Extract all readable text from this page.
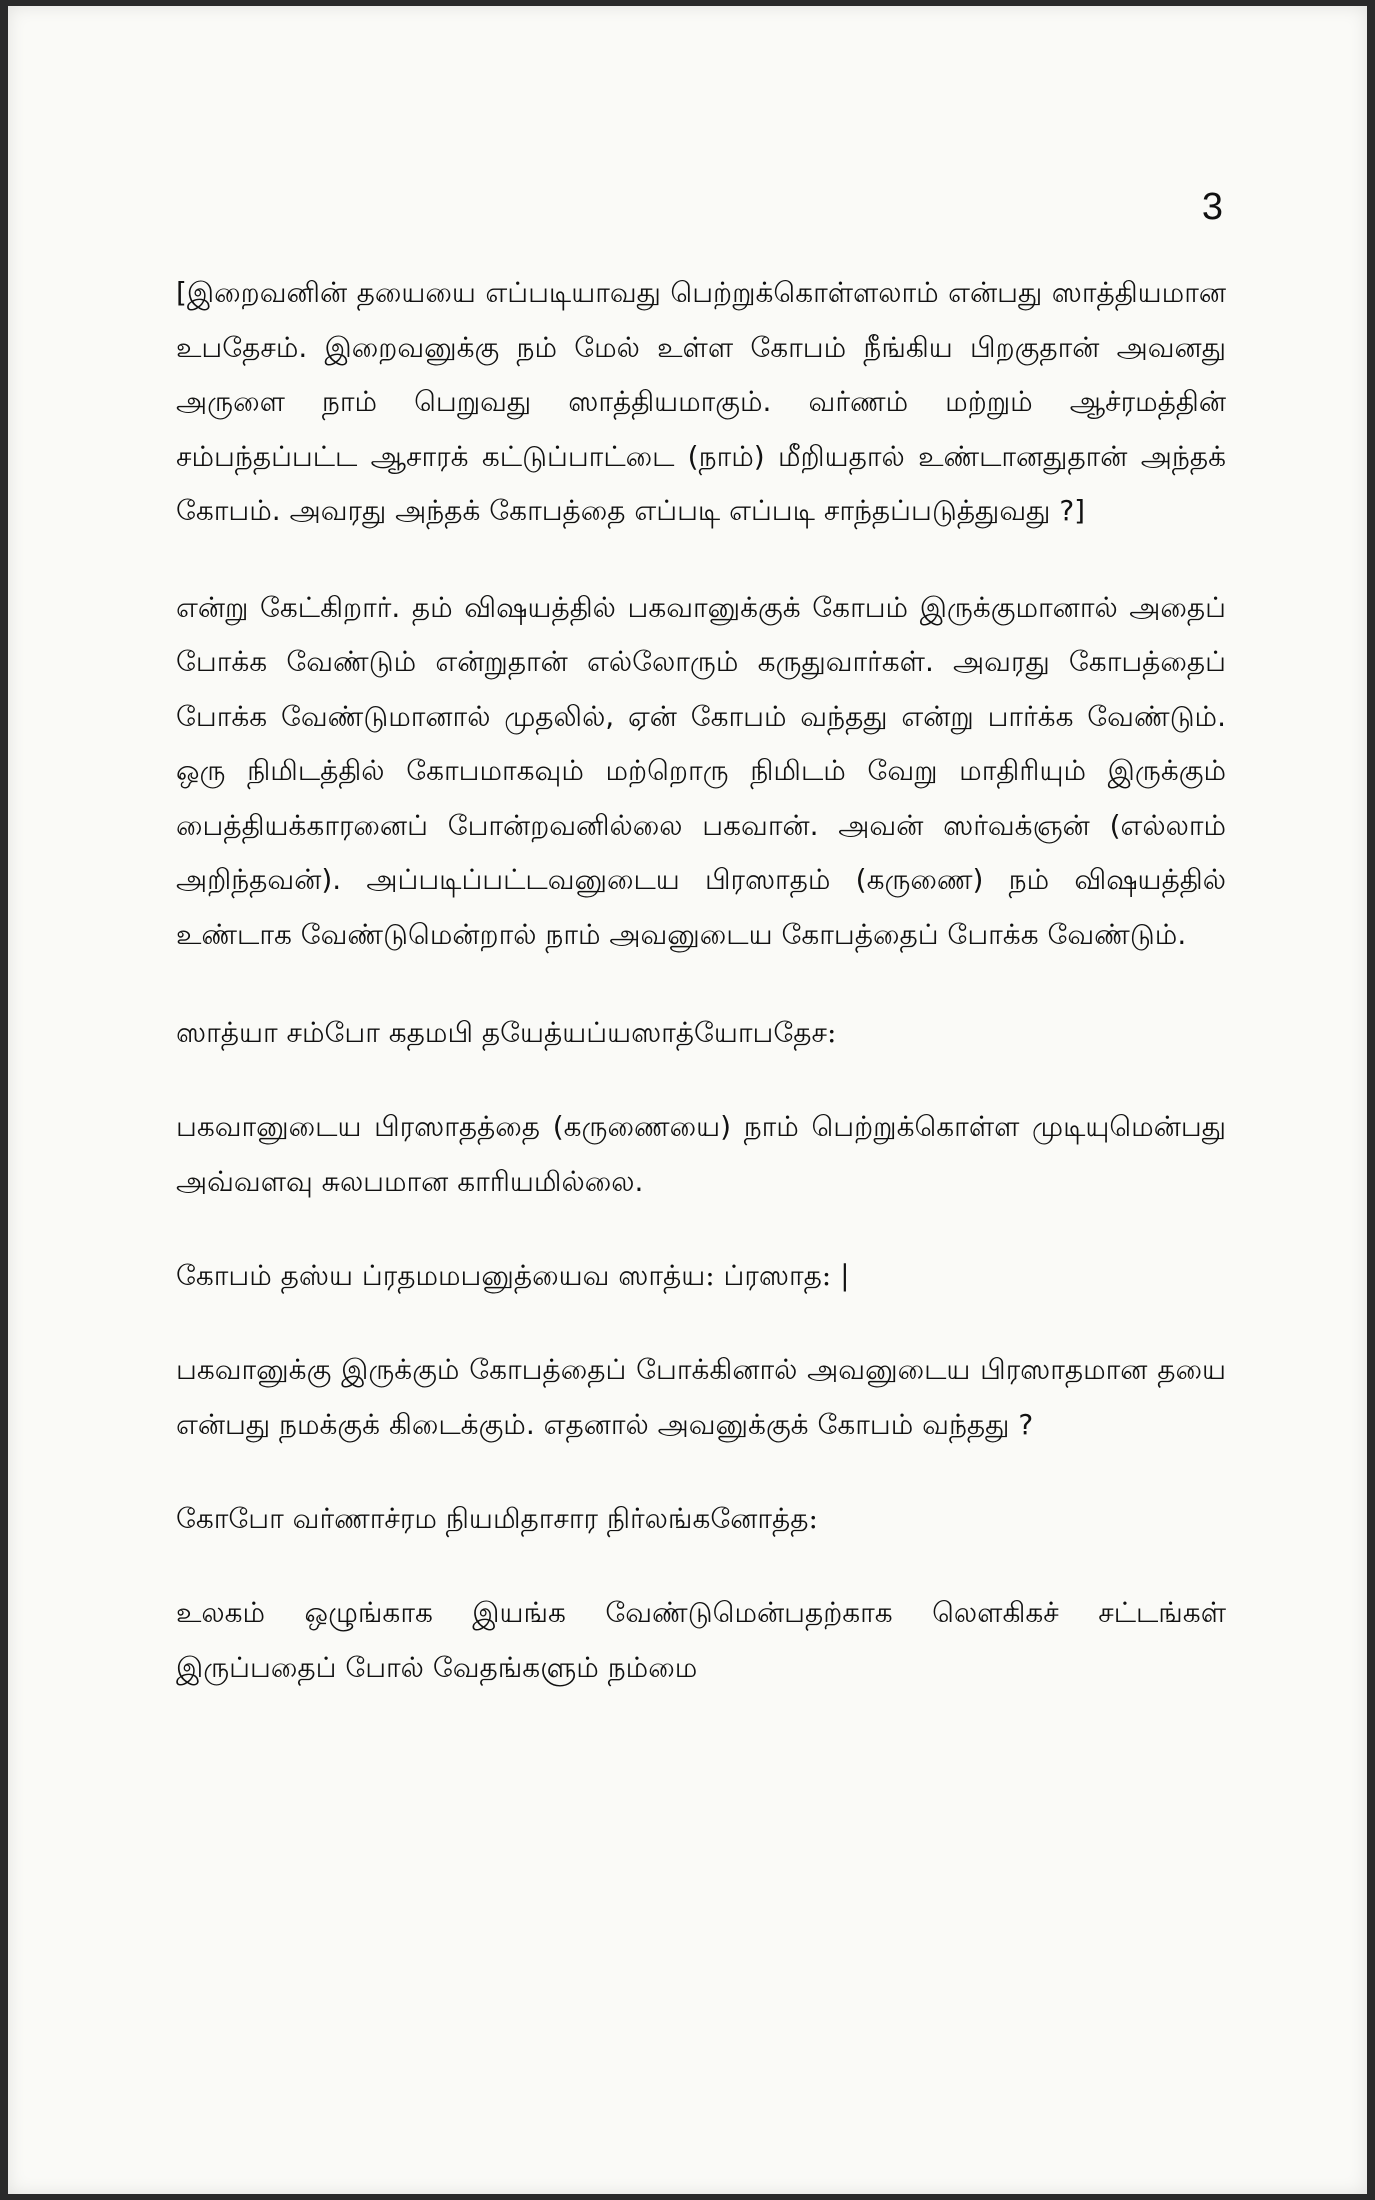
3

[இறைவனின் தயையை எப்படியாவது பெற்றுக்கொள்ளலாம் என்பது ஸாத்தியமான உபதேசம். இறைவனுக்கு நம் மேல் உள்ள கோபம் நீங்கிய பிறகுதான் அவனது அருளை நாம் பெறுவது ஸாத்தியமாகும். வர்ணம் மற்றும் ஆச்ரமத்தின் சம்பந்தப்பட்ட ஆசாரக் கட்டுப்பாட்டை (நாம்) மீறியதால் உண்டானதுதான் அந்தக் கோபம். அவரது அந்தக் கோபத்தை எப்படி எப்படி சாந்தப்படுத்துவது ?]

என்று கேட்கிறார். தம் விஷயத்தில் பகவானுக்குக் கோபம் இருக்குமானால் அதைப் போக்க வேண்டும் என்றுதான் எல்லோரும் கருதுவார்கள். அவரது கோபத்தைப் போக்க வேண்டுமானால் முதலில், ஏன் கோபம் வந்தது என்று பார்க்க வேண்டும். ஒரு நிமிடத்தில் கோபமாகவும் மற்றொரு நிமிடம் வேறு மாதிரியும் இருக்கும் பைத்தியக்காரனைப் போன்றவனில்லை பகவான். அவன் ஸர்வக்ஞன் (எல்லாம் அறிந்தவன்). அப்படிப்பட்டவனுடைய பிரஸாதம் (கருணை) நம் விஷயத்தில் உண்டாக வேண்டுமென்றால் நாம் அவனுடைய கோபத்தைப் போக்க வேண்டும்.

ஸாத்யா சம்போ கதமபி தயேத்யப்யஸாத்யோபதேச:

பகவானுடைய பிரஸாதத்தை (கருணையை) நாம் பெற்றுக்கொள்ள முடியுமென்பது அவ்வளவு சுலபமான காரியமில்லை.

கோபம் தஸ்ய ப்ரதமமபனுத்யைவ ஸாத்ய: ப்ரஸாத: |

பகவானுக்கு இருக்கும் கோபத்தைப் போக்கினால் அவனுடைய பிரஸாதமான தயை என்பது நமக்குக் கிடைக்கும். எதனால் அவனுக்குக் கோபம் வந்தது ?

கோபோ வர்ணாச்ரம நியமிதாசார நிர்லங்கனோத்த:

உலகம் ஒழுங்காக இயங்க வேண்டுமென்பதற்காக லௌகிகச் சட்டங்கள் இருப்பதைப் போல் வேதங்களும் நம்மை
